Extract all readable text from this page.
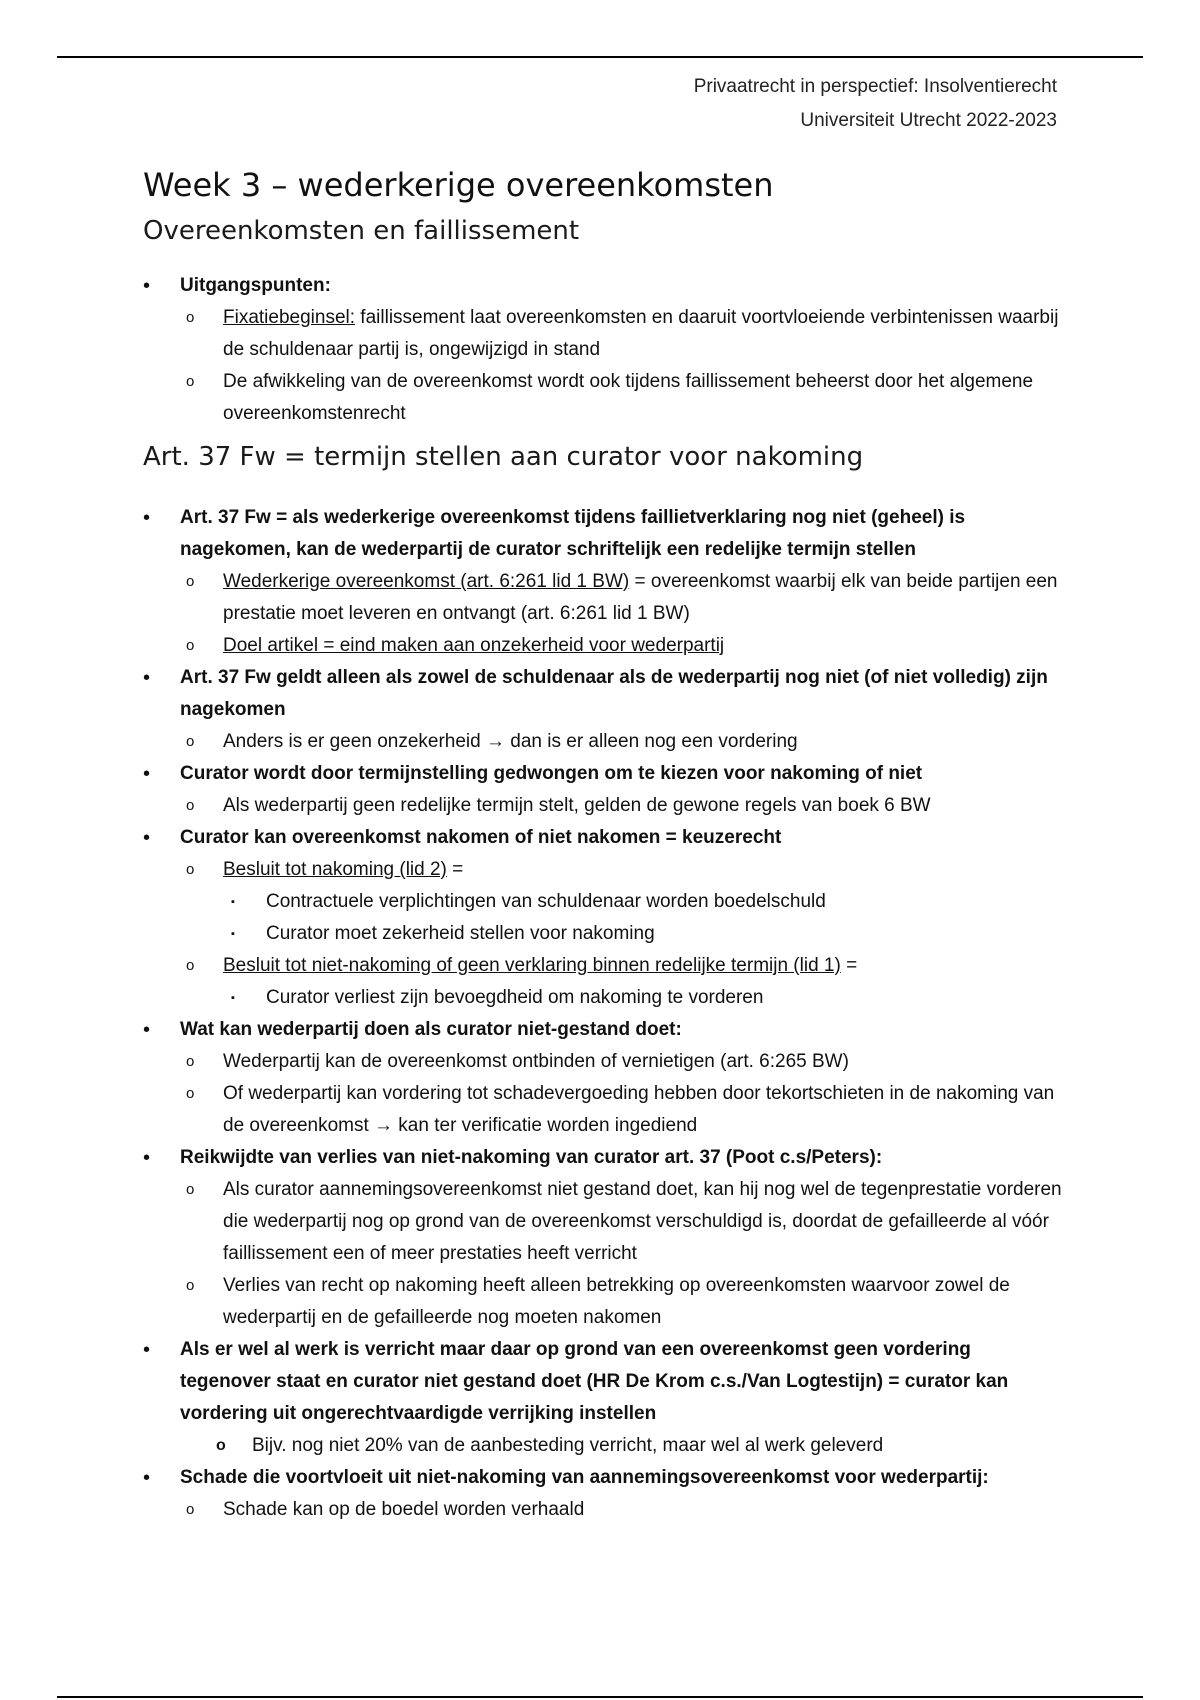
Privaatrecht in perspectief: Insolventierecht
Universiteit Utrecht 2022-2023
Week 3 – wederkerige overeenkomsten
Overeenkomsten en faillissement
• Uitgangspunten:
o Fixatiebeginsel: faillissement laat overeenkomsten en daaruit voortvloeiende verbintenissen waarbij de schuldenaar partij is, ongewijzigd in stand
o De afwikkeling van de overeenkomst wordt ook tijdens faillissement beheerst door het algemene overeenkomstenrecht
Art. 37 Fw = termijn stellen aan curator voor nakoming
• Art. 37 Fw = als wederkerige overeenkomst tijdens faillietverklaring nog niet (geheel) is nagekomen, kan de wederpartij de curator schriftelijk een redelijke termijn stellen
o Wederkerige overeenkomst (art. 6:261 lid 1 BW) = overeenkomst waarbij elk van beide partijen een prestatie moet leveren en ontvangt (art. 6:261 lid 1 BW)
o Doel artikel = eind maken aan onzekerheid voor wederpartij
• Art. 37 Fw geldt alleen als zowel de schuldenaar als de wederpartij nog niet (of niet volledig) zijn nagekomen
o Anders is er geen onzekerheid → dan is er alleen nog een vordering
• Curator wordt door termijnstelling gedwongen om te kiezen voor nakoming of niet
o Als wederpartij geen redelijke termijn stelt, gelden de gewone regels van boek 6 BW
• Curator kan overeenkomst nakomen of niet nakomen = keuzerecht
o Besluit tot nakoming (lid 2) =
▪ Contractuele verplichtingen van schuldenaar worden boedelschuld
▪ Curator moet zekerheid stellen voor nakoming
o Besluit tot niet-nakoming of geen verklaring binnen redelijke termijn (lid 1) =
▪ Curator verliest zijn bevoegdheid om nakoming te vorderen
• Wat kan wederpartij doen als curator niet-gestand doet:
o Wederpartij kan de overeenkomst ontbinden of vernietigen (art. 6:265 BW)
o Of wederpartij kan vordering tot schadevergoeding hebben door tekortschieten in de nakoming van de overeenkomst → kan ter verificatie worden ingediend
• Reikwijdte van verlies van niet-nakoming van curator art. 37 (Poot c.s/Peters):
o Als curator aannemingsovereenkomst niet gestand doet, kan hij nog wel de tegenprestatie vorderen die wederpartij nog op grond van de overeenkomst verschuldigd is, doordat de gefailleerde al vóór faillissement een of meer prestaties heeft verricht
o Verlies van recht op nakoming heeft alleen betrekking op overeenkomsten waarvoor zowel de wederpartij en de gefailleerde nog moeten nakomen
• Als er wel al werk is verricht maar daar op grond van een overeenkomst geen vordering tegenover staat en curator niet gestand doet (HR De Krom c.s./Van Logtestijn) = curator kan vordering uit ongerechtvaardigde verrijking instellen
o Bijv. nog niet 20% van de aanbesteding verricht, maar wel al werk geleverd
• Schade die voortvloeit uit niet-nakoming van aannemingsovereenkomst voor wederpartij:
o Schade kan op de boedel worden verhaald
